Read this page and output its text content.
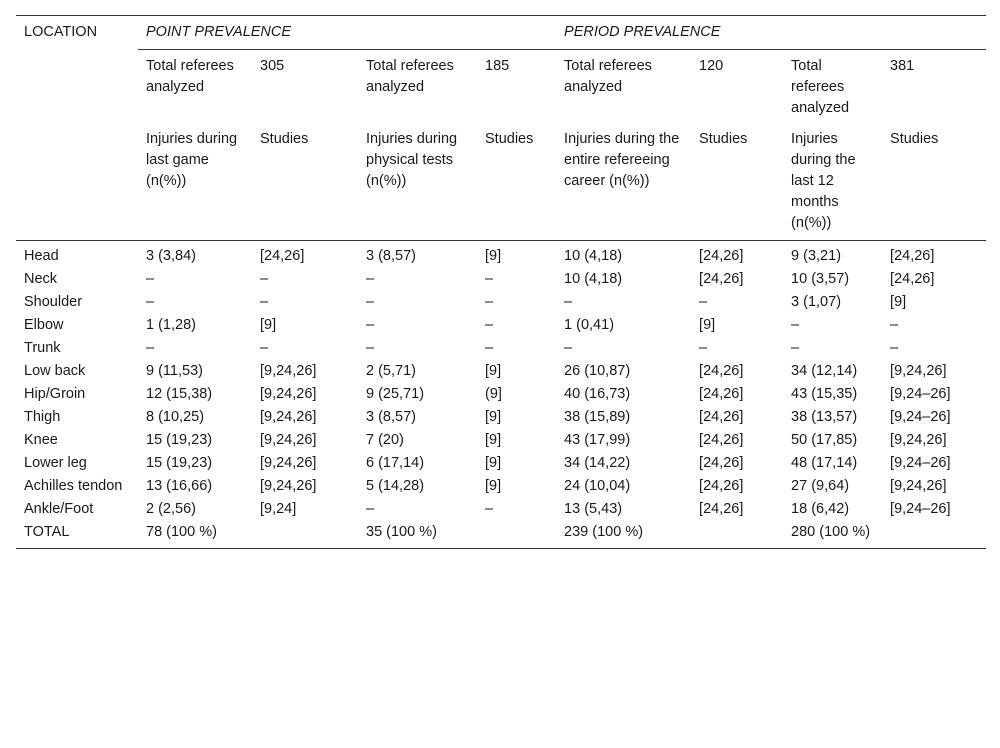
LOCATION	POINT PREVALENCE				PERIOD PREVALENCE			
	Total referees analyzed	305	Total referees analyzed	185	Total referees analyzed	120	Total referees analyzed	381
	Injuries during last game (n(%))	Studies	Injuries during physical tests (n(%))	Studies	Injuries during the entire refereeing career (n(%))	Studies	Injuries during the last 12 months (n(%))	Studies
Head	3 (3,84)	[24,26]	3 (8,57)	[9]	10 (4,18)	[24,26]	9 (3,21)	[24,26]
Neck	–	–	–	–	10 (4,18)	[24,26]	10 (3,57)	[24,26]
Shoulder	–	–	–	–	–	–	3 (1,07)	[9]
Elbow	1 (1,28)	[9]	–	–	1 (0,41)	[9]	–	–
Trunk	–	–	–	–	–	–	–	–
Low back	9 (11,53)	[9,24,26]	2 (5,71)	[9]	26 (10,87)	[24,26]	34 (12,14)	[9,24,26]
Hip/Groin	12 (15,38)	[9,24,26]	9 (25,71)	(9]	40 (16,73)	[24,26]	43 (15,35)	[9,24–26]
Thigh	8 (10,25)	[9,24,26]	3 (8,57)	[9]	38 (15,89)	[24,26]	38 (13,57)	[9,24–26]
Knee	15 (19,23)	[9,24,26]	7 (20)	[9]	43 (17,99)	[24,26]	50 (17,85)	[9,24,26]
Lower leg	15 (19,23)	[9,24,26]	6 (17,14)	[9]	34 (14,22)	[24,26]	48 (17,14)	[9,24–26]
Achilles tendon	13 (16,66)	[9,24,26]	5 (14,28)	[9]	24 (10,04)	[24,26]	27 (9,64)	[9,24,26]
Ankle/Foot	2 (2,56)	[9,24]	–	–	13 (5,43)	[24,26]	18 (6,42)	[9,24–26]
TOTAL	78 (100 %)		35 (100 %)		239 (100 %)		280 (100 %)	
